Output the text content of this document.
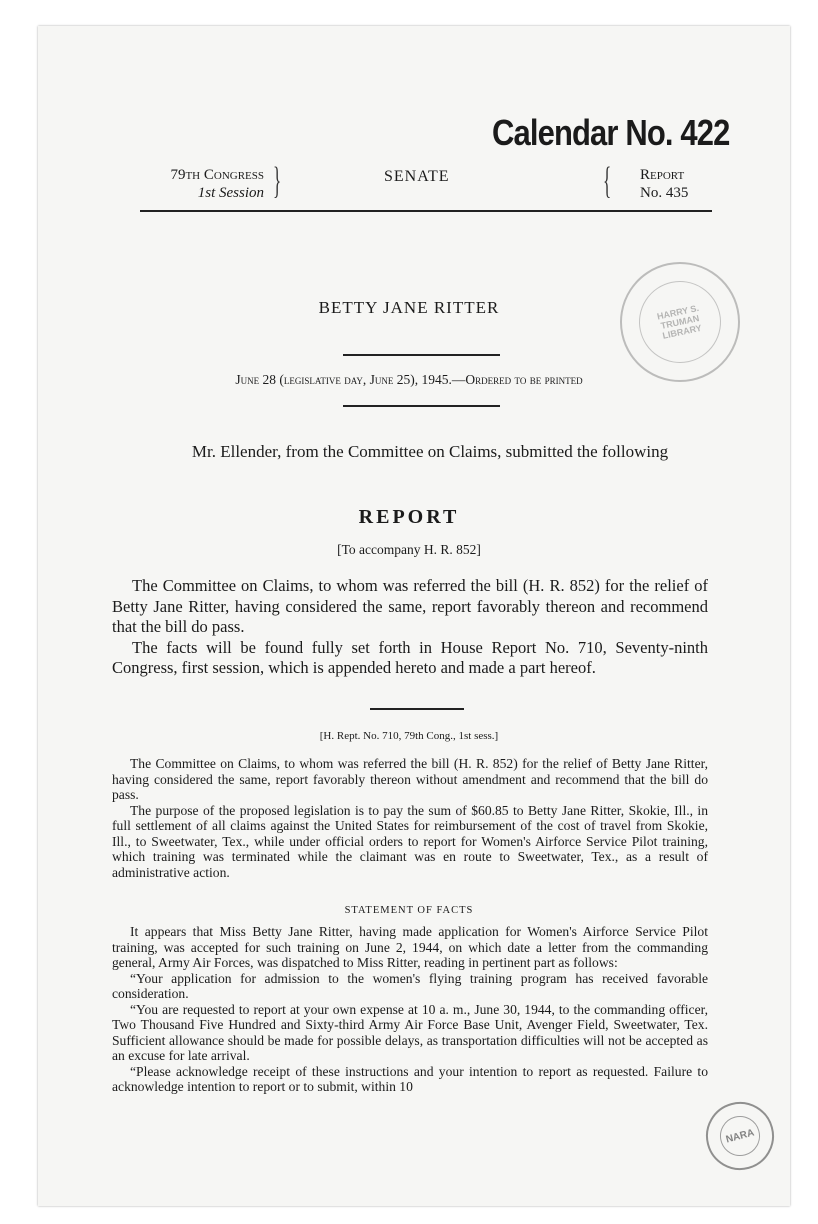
Calendar No. 422
79th Congress
1st Session }	SENATE	{ Report
No. 435
BETTY JANE RITTER
June 28 (legislative day, June 25), 1945.—Ordered to be printed
Mr. Ellender, from the Committee on Claims, submitted the following
REPORT
[To accompany H. R. 852]

The Committee on Claims, to whom was referred the bill (H. R. 852) for the relief of Betty Jane Ritter, having considered the same, report favorably thereon and recommend that the bill do pass.

The facts will be found fully set forth in House Report No. 710, Seventy-ninth Congress, first session, which is appended hereto and made a part hereof.

[H. Rept. No. 710, 79th Cong., 1st sess.]

The Committee on Claims, to whom was referred the bill (H. R. 852) for the relief of Betty Jane Ritter, having considered the same, report favorably thereon without amendment and recommend that the bill do pass.

The purpose of the proposed legislation is to pay the sum of $60.85 to Betty Jane Ritter, Skokie, Ill., in full settlement of all claims against the United States for reimbursement of the cost of travel from Skokie, Ill., to Sweetwater, Tex., while under official orders to report for Women's Airforce Service Pilot training, which training was terminated while the claimant was en route to Sweetwater, Tex., as a result of administrative action.

STATEMENT OF FACTS

It appears that Miss Betty Jane Ritter, having made application for Women's Airforce Service Pilot training, was accepted for such training on June 2, 1944, on which date a letter from the commanding general, Army Air Forces, was dispatched to Miss Ritter, reading in pertinent part as follows:

“Your application for admission to the women's flying training program has received favorable consideration.

“You are requested to report at your own expense at 10 a. m., June 30, 1944, to the commanding officer, Two Thousand Five Hundred and Sixty-third Army Air Force Base Unit, Avenger Field, Sweetwater, Tex. Sufficient allowance should be made for possible delays, as transportation difficulties will not be accepted as an excuse for late arrival.

“Please acknowledge receipt of these instructions and your intention to report as requested. Failure to acknowledge intention to report or to submit, within 10

HARRY S. TRUMAN LIBRARY
NARA
